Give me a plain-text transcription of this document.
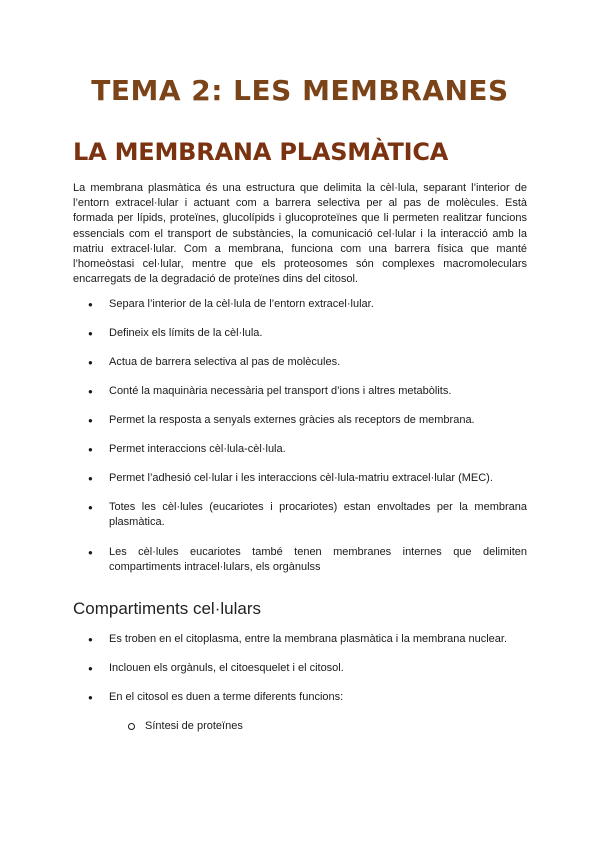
TEMA 2: LES MEMBRANES
LA MEMBRANA PLASMÀTICA

La membrana plasmàtica és una estructura que delimita la cèl·lula, separant l’interior de l’entorn extracel·lular i actuant com a barrera selectiva per al pas de molècules. Està formada per lípids, proteïnes, glucolípids i glucoproteïnes que li permeten realitzar funcions essencials com el transport de substàncies, la comunicació cel·lular i la interacció amb la matriu extracel·lular. Com a membrana, funciona com una barrera física que manté l’homeòstasi cel·lular, mentre que els proteosomes són complexes macromoleculars encarregats de la degradació de proteïnes dins del citosol.

● Separa l’interior de la cèl·lula de l’entorn extracel·lular.
● Defineix els límits de la cèl·lula.
● Actua de barrera selectiva al pas de molècules.
● Conté la maquinària necessària pel transport d’ions i altres metabòlits.
● Permet la resposta a senyals externes gràcies als receptors de membrana.
● Permet interaccions cèl·lula-cèl·lula.
● Permet l’adhesió cel·lular i les interaccions cèl·lula-matriu extracel·lular (MEC).
● Totes les cèl·lules (eucariotes i procariotes) estan envoltades per la membrana plasmàtica.
● Les cèl·lules eucariotes també tenen membranes internes que delimiten compartiments intracel·lulars, els orgànulss
Compartiments cel·lulars
● Es troben en el citoplasma, entre la membrana plasmàtica i la membrana nuclear.
● Inclouen els orgànuls, el citoesquelet i el citosol.
● En el citosol es duen a terme diferents funcions:
Síntesi de proteïnes
